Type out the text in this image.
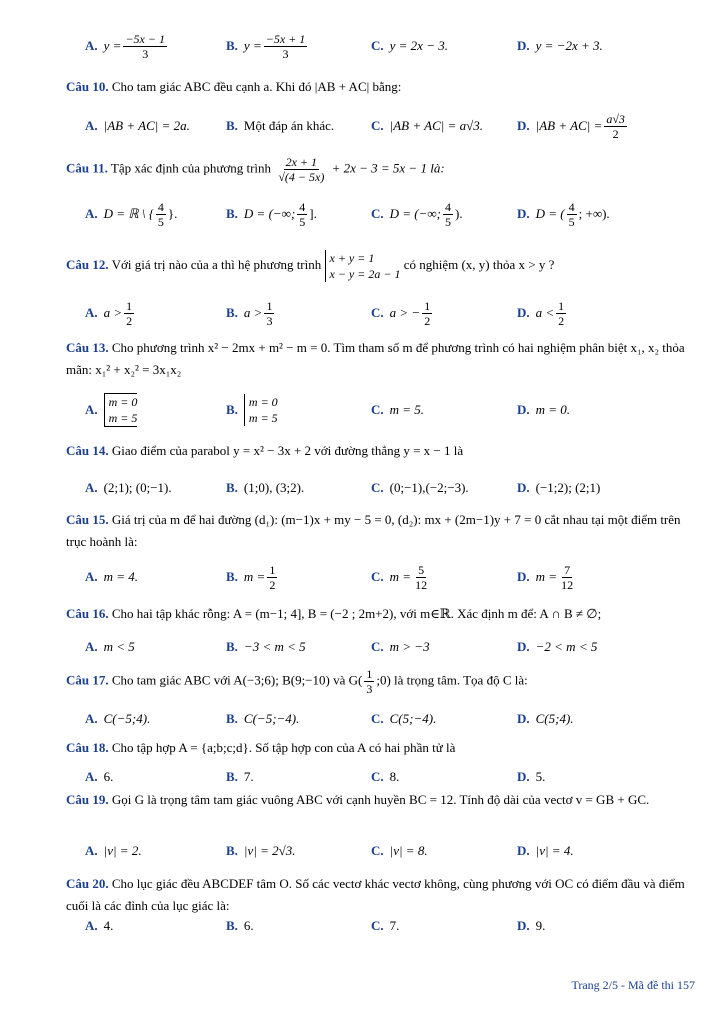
A. $y = \frac{-5x - 1}{3}$	B. $y = \frac{-5x + 1}{3}$	C. y = 2x − 3.	D. y = −2x + 3.
Câu 10. Cho tam giác ABC đều cạnh a. Khi đó |AB + AC| bằng:
A. |AB + AC| = 2a.	B. Một đáp án khác.	C. |AB + AC| = a√3.	D. $|AB + AC| = \frac{a√3}{2}$
Câu 11. Tập xác định của phương trình $\frac{2x + 1}{√(4 - 5x)} + 2x - 3 = 5x - 1$ là:
A. D = ℝ \ { $\frac{4}{5}$ }.	B. D = (−∞; $\frac{4}{5}$ ].	C. D = (−∞; $\frac{4}{5}$ ).	D. D = ( $\frac{4}{5}$ ; +∞).
Câu 12. Với giá trị nào của a thì hệ phương trình x + y = 1
x − y = 2a − 1
có nghiệm (x, y) thỏa x > y ?
A. $a > \frac{1}{2}$	B. $a > \frac{1}{3}$	C. a > − $\frac{1}{2}$	D. $a < \frac{1}{2}$
Câu 13. Cho phương trình x² − 2mx + m² − m = 0. Tìm tham số m để phương trình có hai nghiệm phân biệt x₁, x₂ thỏa mãn: x₁² + x₂² = 3x₁x₂
A. m = 0
m = 5
B. m = 0
m = 5
C. m = 5.	D. m = 0.
Câu 14. Giao điểm của parabol y = x² − 3x + 2 với đường thẳng y = x − 1 là
A. (2;1); (0;−1).	B. (1;0), (3;2).	C. (0;−1),(−2;−3).	D. (−1;2); (2;1)
Câu 15. Giá trị của m để hai đường (d₁): (m−1)x + my − 5 = 0, (d₂): mx + (2m−1)y + 7 = 0 cắt nhau tại một điểm trên trục hoành là:
A. m = 4.	B. $m = \frac{1}{2}$	C. $m = \frac{5}{12}$	D. $m = \frac{7}{12}$
Câu 16. Cho hai tập khác rỗng: A = (m−1; 4], B = (−2 ; 2m+2), với m∈ℝ. Xác định m để: A ∩ B ≠ ∅;
A. m < 5	B. −3 < m < 5	C. m > −3	D. −2 < m < 5
Câu 17. Cho tam giác ABC với A(−3;6); B(9;−10) và $G( \frac{1}{3}$ ;0) là trọng tâm. Tọa độ C là:
A. C(−5;4).	B. C(−5;−4).	C. C(5;−4).	D. C(5;4).
Câu 18. Cho tập hợp A = {a;b;c;d}. Số tập hợp con của A có hai phần tử là
A. 6.	B. 7.	C. 8.	D. 5.
Câu 19. Gọi G là trọng tâm tam giác vuông ABC với cạnh huyền BC = 12. Tính độ dài của vectơ v = GB + GC.
A. |v| = 2.	B. |v| = 2√3.	C. |v| = 8.	D. |v| = 4.
Câu 20. Cho lục giác đều ABCDEF tâm O. Số các vectơ khác vectơ không, cùng phương với OC có điểm đầu và điểm cuối là các đỉnh của lục giác là:
A. 4.	B. 6.	C. 7.	D. 9.
Trang 2/5 - Mã đề thi 157
